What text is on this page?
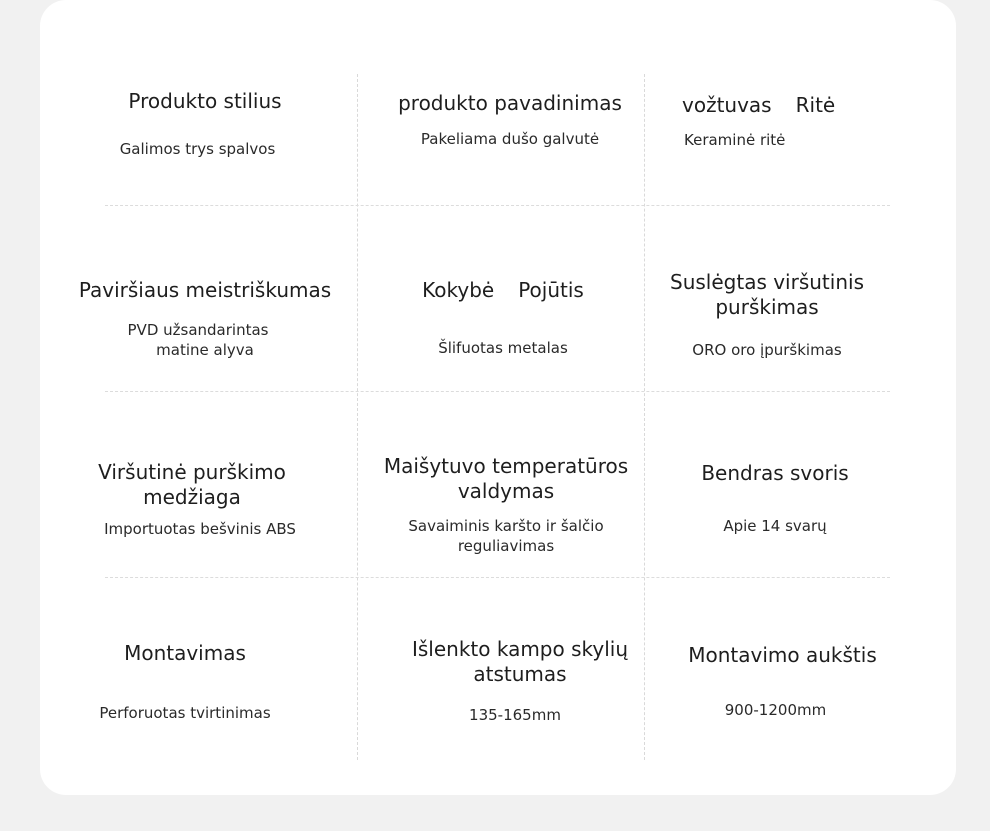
Produkto stilius
Galimos trys spalvos
produkto pavadinimas
Pakeliama dušo galvutė
vožtuvas Ritė
Keraminė ritė
Paviršiaus meistriškumas
PVD užsandarintas
matine alyva
Kokybė Pojūtis
Šlifuotas metalas
Suslėgtas viršutinis
purškimas
ORO oro įpurškimas
Viršutinė purškimo
medžiaga
Importuotas bešvinis ABS
Maišytuvo temperatūros
valdymas
Savaiminis karšto ir šalčio
reguliavimas
Bendras svoris
Apie 14 svarų
Montavimas
Perforuotas tvirtinimas
Išlenkto kampo skylių
atstumas
135-165mm
Montavimo aukštis
900-1200mm
